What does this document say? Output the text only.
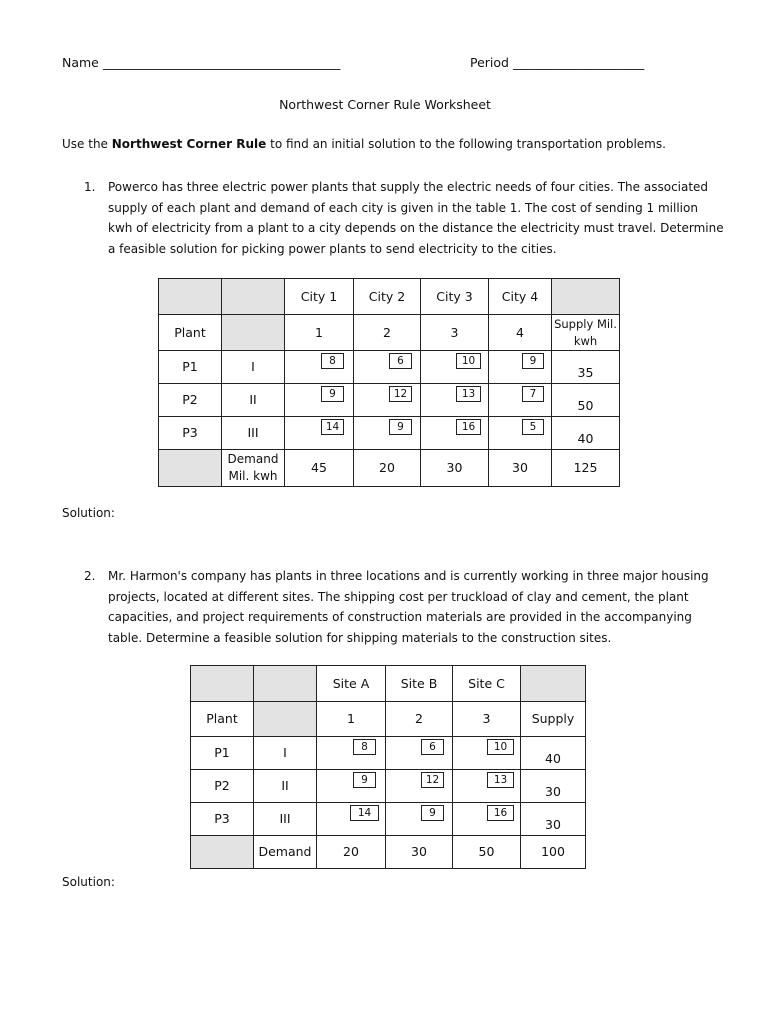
Name ______________________________________	Period _____________________
Northwest Corner Rule Worksheet
Use the Northwest Corner Rule to find an initial solution to the following transportation problems.
1. Powerco has three electric power plants that supply the electric needs of four cities. The associated supply of each plant and demand of each city is given in the table 1. The cost of sending 1 million kwh of electricity from a plant to a city depends on the distance the electricity must travel. Determine a feasible solution for picking power plants to send electricity to the cities.
		City 1	City 2	City 3	City 4	
Plant		1	2	3	4	Supply Mil. kwh
P1	I	8	6	10	9	35
P2	II	9	12	13	7	50
P3	III	14	9	16	5	40
	Demand Mil. kwh	45	20	30	30	125
Solution:
2. Mr. Harmon's company has plants in three locations and is currently working in three major housing projects, located at different sites. The shipping cost per truckload of clay and cement, the plant capacities, and project requirements of construction materials are provided in the accompanying table. Determine a feasible solution for shipping materials to the construction sites.
		Site A	Site B	Site C	
Plant		1	2	3	Supply
P1	I	8	6	10	40
P2	II	9	12	13	30
P3	III	14	9	16	30
	Demand	20	30	50	100
Solution:
